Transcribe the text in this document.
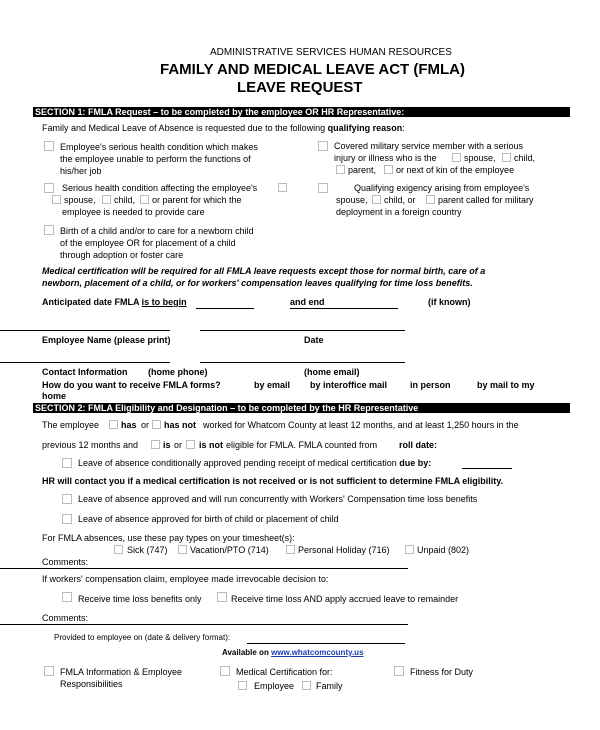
ADMINISTRATIVE SERVICES HUMAN RESOURCES
FAMILY AND MEDICAL LEAVE ACT (FMLA)
LEAVE REQUEST
SECTION 1: FMLA Request – to be completed by the employee OR HR Representative:
Family and Medical Leave of Absence is requested due to the following qualifying reason:
Employee's serious health condition which makes
the employee unable to perform the functions of
his/her job
Covered military service member with a serious
injury or illness who is the	spouse, child,
parent, or next of kin of the employee
Serious health condition affecting the employee's
spouse, child, or parent for which the
employee is needed to provide care
Qualifying exigency arising from employee's
spouse, child, or parent called for military
deployment in a foreign country
Birth of a child and/or to care for a newborn child
of the employee OR for placement of a child
through adoption or foster care
Medical certification will be required for all FMLA leave requests except those for normal birth, care of a
newborn, placement of a child, or for workers' compensation leaves qualifying for time loss benefits.
Anticipated date FMLA is to begin	and end	(if known)
Employee Name (please print)	Date
Contact Information (home phone)	(home email)
How do you want to receive FMLA forms?	by email by interoffice mail	in person	by mail to my
home
SECTION 2: FMLA Eligibility and Designation – to be completed by the HR Representative
The employee has or has not worked for Whatcom County at least 12 months, and at least 1,250 hours in the
previous 12 months and	is or is not eligible for FMLA. FMLA counted from roll date:
Leave of absence conditionally approved pending receipt of medical certification due by:
HR will contact you if a medical certification is not received or is not sufficient to determine FMLA eligibility.
Leave of absence approved and will run concurrently with Workers' Compensation time loss benefits
Leave of absence approved for birth of child or placement of child
For FMLA absences, use these pay types on your timesheet(s):
Sick (747) Vacation/PTO (714)	Personal Holiday (716)	Unpaid (802)
Comments:
If workers' compensation claim, employee made irrevocable decision to:
Receive time loss benefits only	Receive time loss AND apply accrued leave to remainder
Comments:
Provided to employee on (date & delivery format):
Available on www.whatcomcounty.us
FMLA Information & Employee
Responsibilities
Medical Certification for:
Employee Family
Fitness for Duty
